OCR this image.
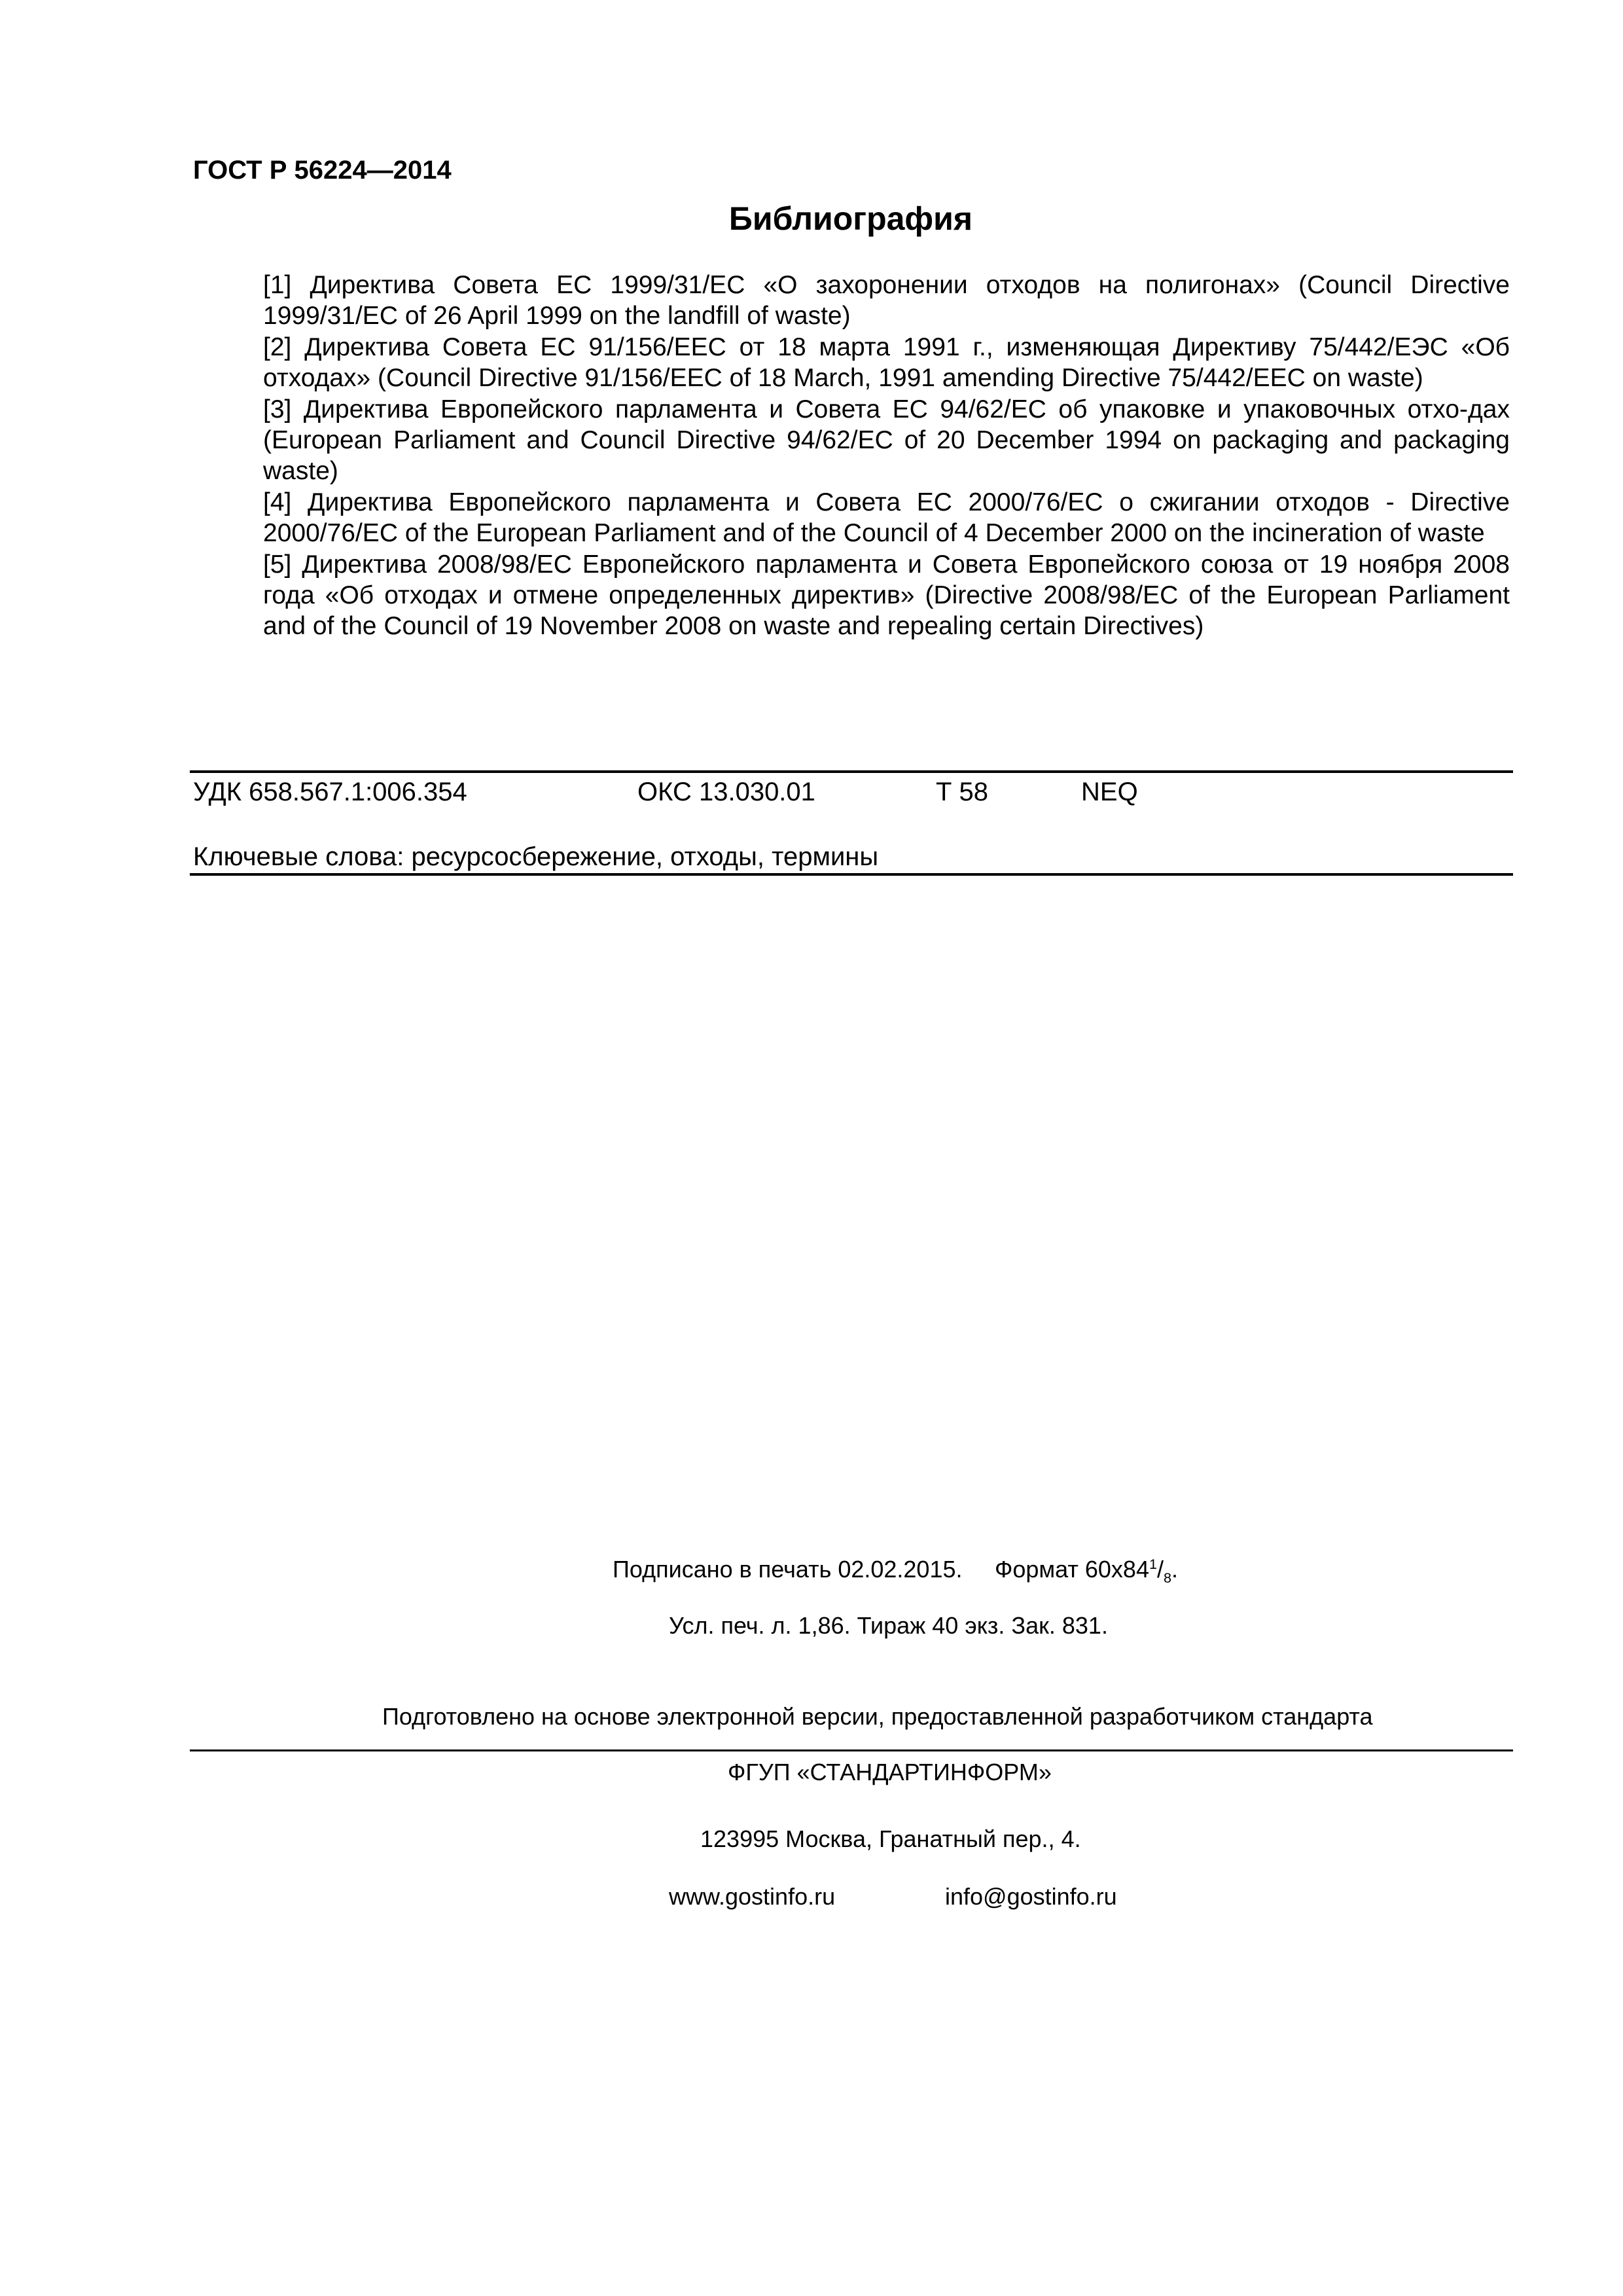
ГОСТ Р 56224—2014
Библиография
[1] Директива Совета ЕС 1999/31/ЕС «О захоронении отходов на полигонах» (Council Directive 1999/31/EC of 26 April 1999 on the landfill of waste)
[2] Директива Совета ЕС 91/156/ЕЕС от 18 марта 1991 г., изменяющая Директиву 75/442/ЕЭС «Об отходах» (Council Directive 91/156/EEC of 18 March, 1991 amending Directive 75/442/EEC on waste)
[3] Директива Европейского парламента и Совета ЕС 94/62/ЕС об упаковке и упаковочных отхо-дах (European Parliament and Council Directive 94/62/EC of 20 December 1994 on packaging and packaging waste)
[4] Директива Европейского парламента и Совета ЕС 2000/76/ЕС о сжигании отходов - Directive 2000/76/EC of the European Parliament and of the Council of 4 December 2000 on the incineration of waste
[5] Директива 2008/98/ЕС Европейского парламента и Совета Европейского союза от 19 ноября 2008 года «Об отходах и отмене определенных директив» (Directive 2008/98/EC of the European Parliament and of the Council of 19 November 2008 on waste and repealing certain Directives)
УДК 658.567.1:006.354	ОКС 13.030.01	Т 58	NEQ
Ключевые слова: ресурсосбережение, отходы, термины
Подписано в печать 02.02.2015. Формат $60x84^1/_8$.
Усл. печ. л. 1,86. Тираж 40 экз. Зак. 831.
Подготовлено на основе электронной версии, предоставленной разработчиком стандарта
ФГУП «СТАНДАРТИНФОРМ»
123995 Москва, Гранатный пер., 4.
www.gostinfo.ru	info@gostinfo.ru
